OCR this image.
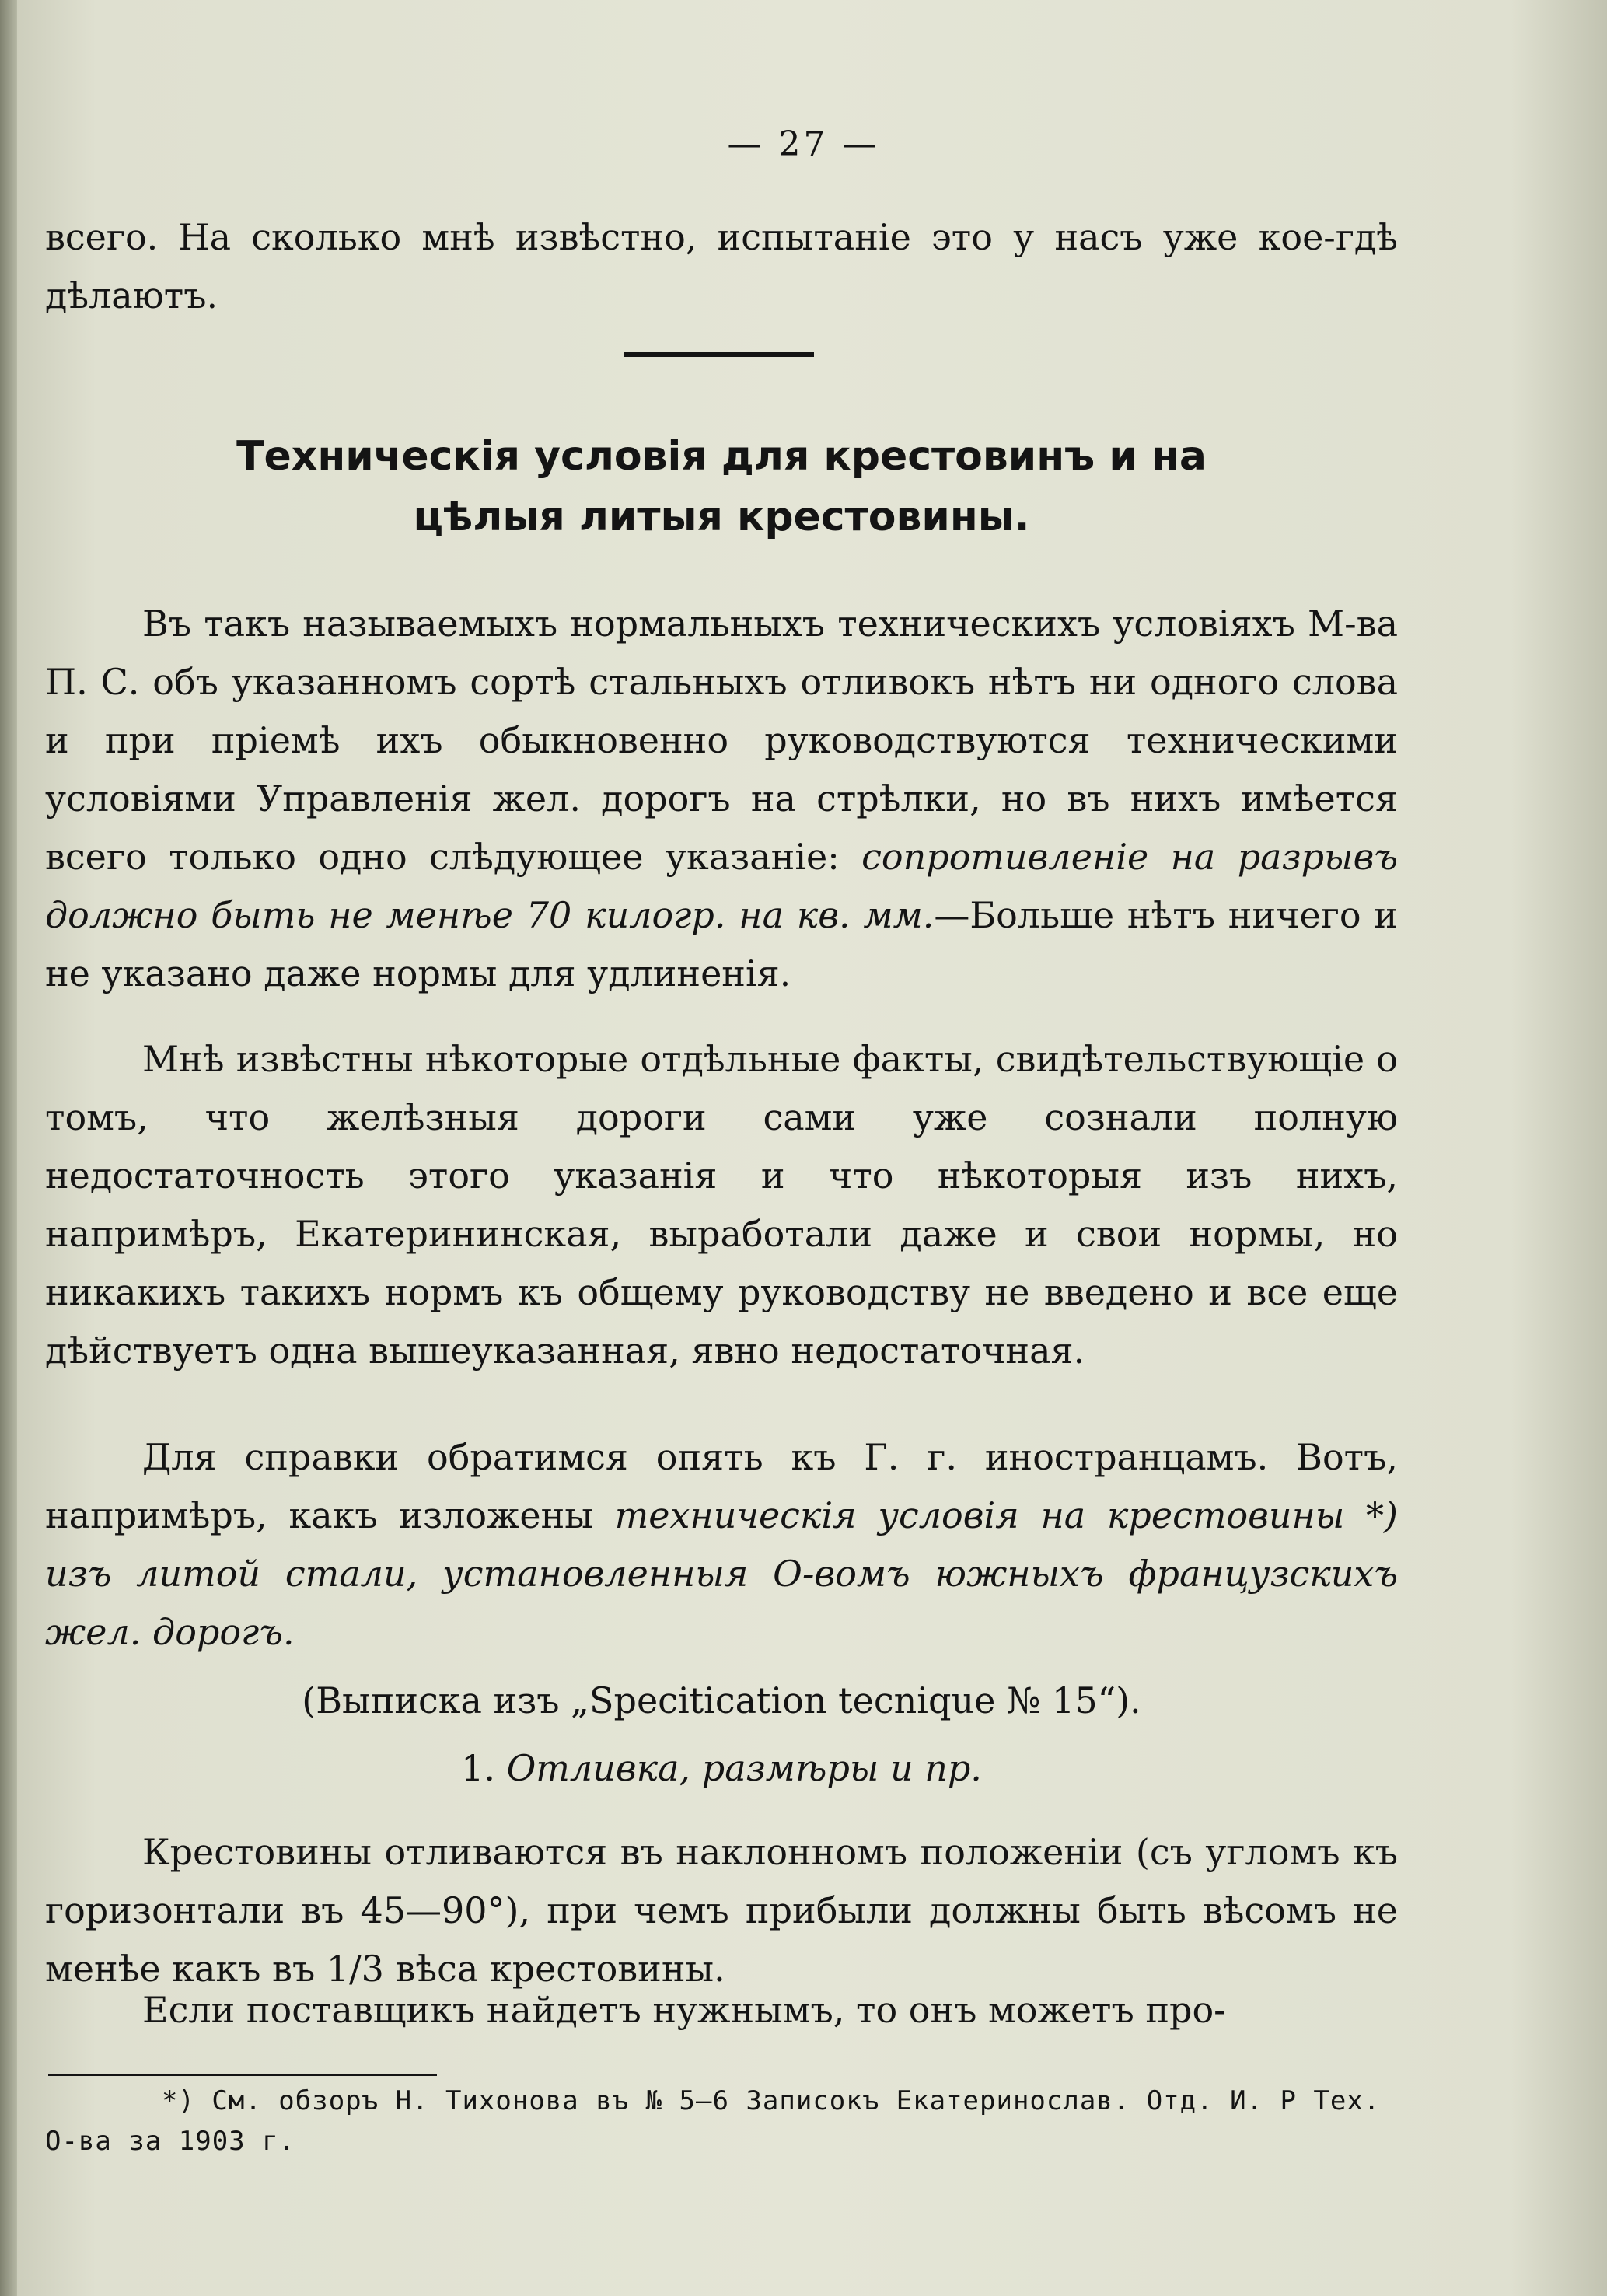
— 27 —
всего. На сколько мнѣ извѣстно, испытаніе это у насъ уже кое-гдѣ дѣлаютъ.
Техническія условія для крестовинъ и на
цѣлыя литыя крестовины.
Въ такъ называемыхъ нормальныхъ техническихъ условіяхъ М-ва П. С. объ указанномъ сортѣ стальныхъ отливокъ нѣтъ ни одного слова и при пріемѣ ихъ обыкновенно руководствуются техническими условіями Управленія жел. дорогъ на стрѣлки, но въ нихъ имѣется всего только одно слѣдующее указаніе: сопротивленіе на разрывъ должно быть не менѣе 70 килогр. на кв. мм.—Больше нѣтъ ничего и не указано даже нормы для удлиненія.
Мнѣ извѣстны нѣкоторые отдѣльные факты, свидѣтельствующіе о томъ, что желѣзныя дороги сами уже сознали полную недостаточность этого указанія и что нѣкоторыя изъ нихъ, напримѣръ, Екатерининская, выработали даже и свои нормы, но никакихъ такихъ нормъ къ общему руководству не введено и все еще дѣйствуетъ одна вышеуказанная, явно недостаточная.
Для справки обратимся опять къ Г. г. иностранцамъ. Вотъ, напримѣръ, какъ изложены техническія условія на крестовины *) изъ литой стали, установленныя О-вомъ южныхъ французскихъ жел. дорогъ.
(Выписка изъ „Specitication tecnique № 15“).
1. Отливка, размѣры и пр.
Крестовины отливаются въ наклонномъ положеніи (съ угломъ къ горизонтали въ 45—90°), при чемъ прибыли должны быть вѣсомъ не менѣе какъ въ 1/3 вѣса крестовины.
Если поставщикъ найдетъ нужнымъ, то онъ можетъ про-
*) См. обзоръ Н. Тихонова въ № 5—6 Записокъ Екатеринослав. Отд. И. Р Тех. О-ва за 1903 г.
